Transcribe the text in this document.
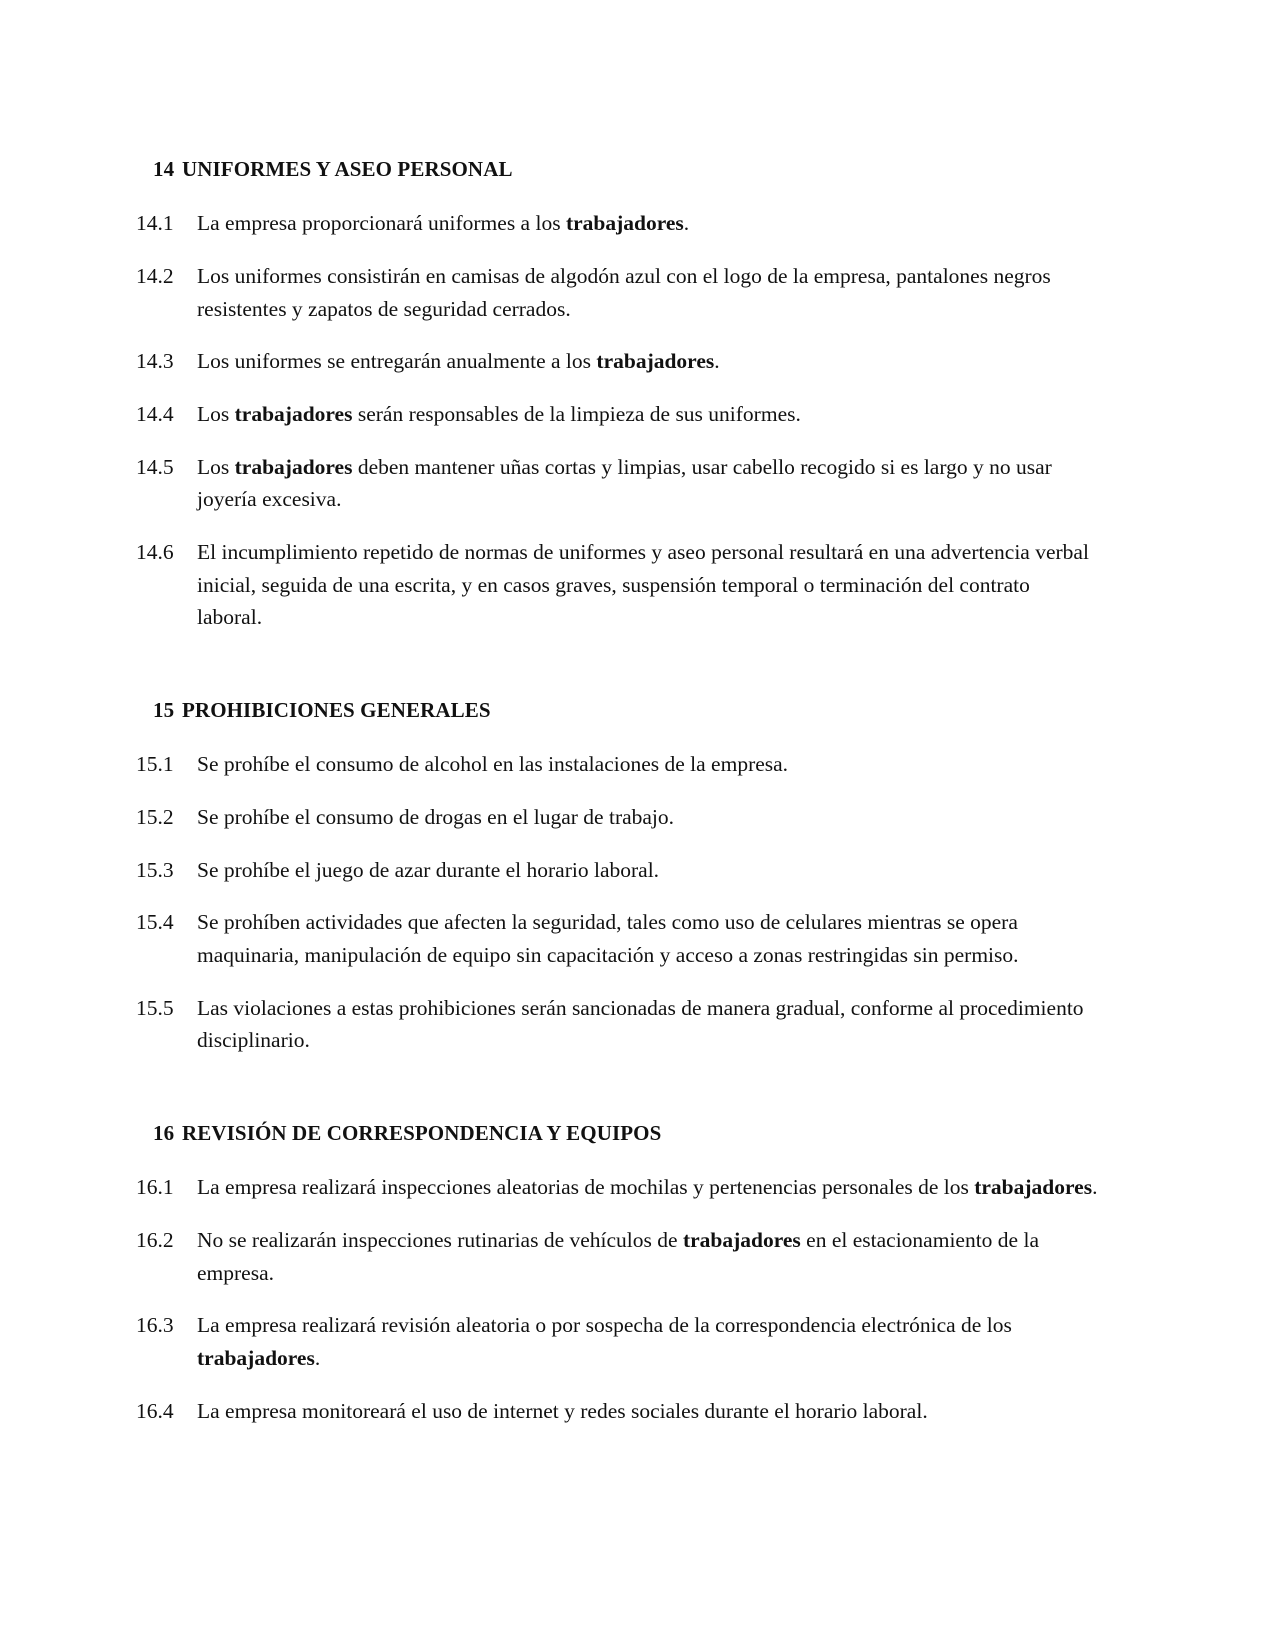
14 UNIFORMES Y ASEO PERSONAL
14.1	La empresa proporcionará uniformes a los trabajadores.
14.2	Los uniformes consistirán en camisas de algodón azul con el logo de la empresa, pantalones negros resistentes y zapatos de seguridad cerrados.
14.3	Los uniformes se entregarán anualmente a los trabajadores.
14.4	Los trabajadores serán responsables de la limpieza de sus uniformes.
14.5	Los trabajadores deben mantener uñas cortas y limpias, usar cabello recogido si es largo y no usar joyería excesiva.
14.6	El incumplimiento repetido de normas de uniformes y aseo personal resultará en una advertencia verbal inicial, seguida de una escrita, y en casos graves, suspensión temporal o terminación del contrato laboral.
15 PROHIBICIONES GENERALES
15.1	Se prohíbe el consumo de alcohol en las instalaciones de la empresa.
15.2	Se prohíbe el consumo de drogas en el lugar de trabajo.
15.3	Se prohíbe el juego de azar durante el horario laboral.
15.4	Se prohíben actividades que afecten la seguridad, tales como uso de celulares mientras se opera maquinaria, manipulación de equipo sin capacitación y acceso a zonas restringidas sin permiso.
15.5	Las violaciones a estas prohibiciones serán sancionadas de manera gradual, conforme al procedimiento disciplinario.
16 REVISIÓN DE CORRESPONDENCIA Y EQUIPOS
16.1	La empresa realizará inspecciones aleatorias de mochilas y pertenencias personales de los trabajadores.
16.2	No se realizarán inspecciones rutinarias de vehículos de trabajadores en el estacionamiento de la empresa.
16.3	La empresa realizará revisión aleatoria o por sospecha de la correspondencia electrónica de los trabajadores.
16.4	La empresa monitoreará el uso de internet y redes sociales durante el horario laboral.
